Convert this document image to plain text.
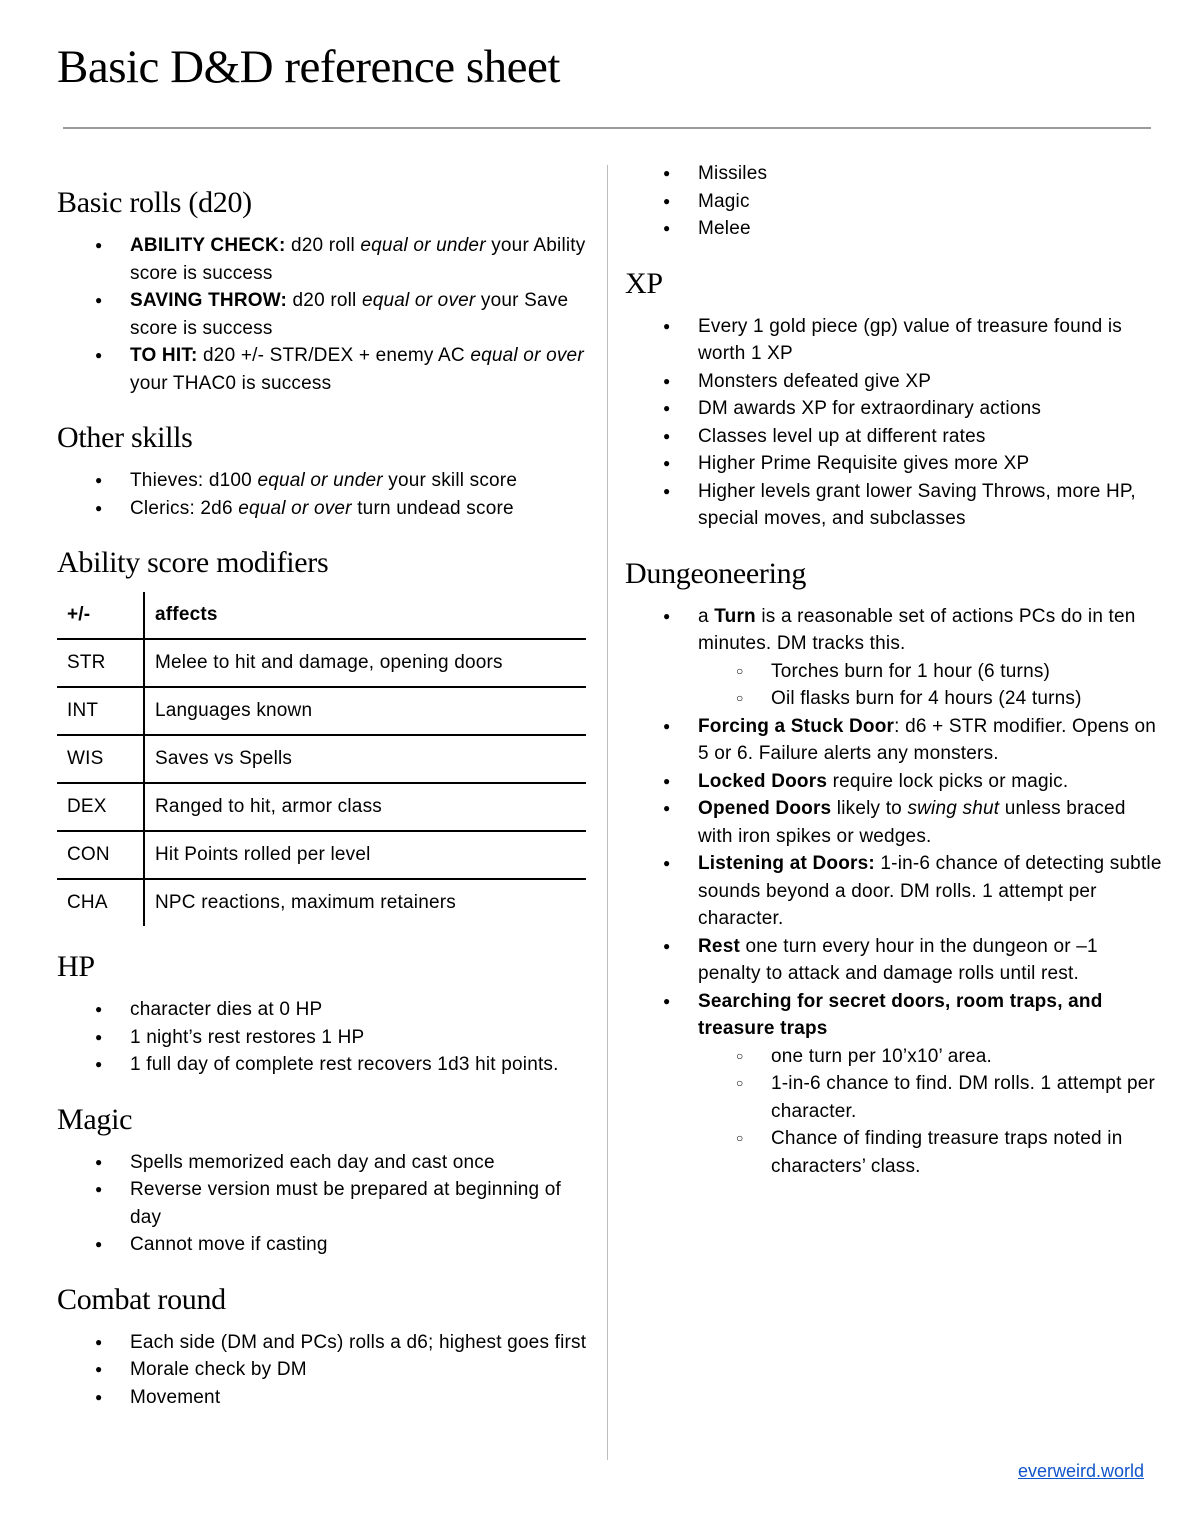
Basic D&D reference sheet
Basic rolls (d20)
● ABILITY CHECK: d20 roll equal or under your Ability score is success
● SAVING THROW: d20 roll equal or over your Save score is success
● TO HIT: d20 +/- STR/DEX + enemy AC equal or over your THAC0 is success
Other skills
● Thieves: d100 equal or under your skill score
● Clerics: 2d6 equal or over turn undead score
Ability score modifiers
+/-	affects
STR	Melee to hit and damage, opening doors
INT	Languages known
WIS	Saves vs Spells
DEX	Ranged to hit, armor class
CON	Hit Points rolled per level
CHA	NPC reactions, maximum retainers
HP
● character dies at 0 HP
● 1 night’s rest restores 1 HP
● 1 full day of complete rest recovers 1d3 hit points.
Magic
● Spells memorized each day and cast once
● Reverse version must be prepared at beginning of day
● Cannot move if casting
Combat round
● Each side (DM and PCs) rolls a d6; highest goes first
● Morale check by DM
● Movement
● Missiles
● Magic
● Melee
XP
● Every 1 gold piece (gp) value of treasure found is worth 1 XP
● Monsters defeated give XP
● DM awards XP for extraordinary actions
● Classes level up at different rates
● Higher Prime Requisite gives more XP
● Higher levels grant lower Saving Throws, more HP, special moves, and subclasses
Dungeoneering
● a Turn is a reasonable set of actions PCs do in ten minutes. DM tracks this.
○ Torches burn for 1 hour (6 turns)
○ Oil flasks burn for 4 hours (24 turns)
● Forcing a Stuck Door: d6 + STR modifier. Opens on 5 or 6. Failure alerts any monsters.
● Locked Doors require lock picks or magic.
● Opened Doors likely to swing shut unless braced with iron spikes or wedges.
● Listening at Doors: 1-in-6 chance of detecting subtle sounds beyond a door. DM rolls. 1 attempt per character.
● Rest one turn every hour in the dungeon or –1 penalty to attack and damage rolls until rest.
● Searching for secret doors, room traps, and treasure traps
○ one turn per 10’x10’ area.
○ 1-in-6 chance to find. DM rolls. 1 attempt per character.
○ Chance of finding treasure traps noted in characters’ class.
everweird.world
